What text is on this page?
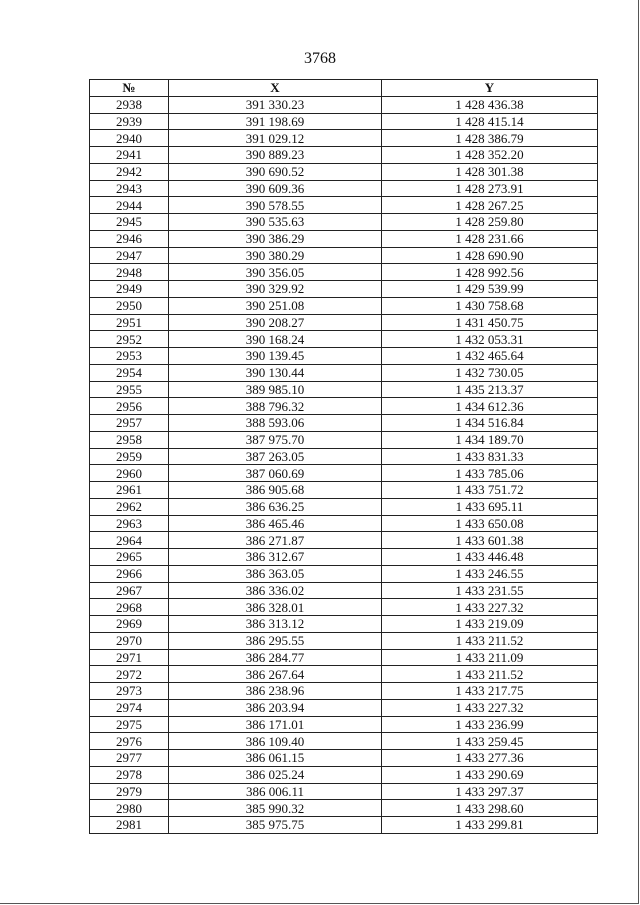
3768
№	X	Y
2938	391 330.23	1 428 436.38
2939	391 198.69	1 428 415.14
2940	391 029.12	1 428 386.79
2941	390 889.23	1 428 352.20
2942	390 690.52	1 428 301.38
2943	390 609.36	1 428 273.91
2944	390 578.55	1 428 267.25
2945	390 535.63	1 428 259.80
2946	390 386.29	1 428 231.66
2947	390 380.29	1 428 690.90
2948	390 356.05	1 428 992.56
2949	390 329.92	1 429 539.99
2950	390 251.08	1 430 758.68
2951	390 208.27	1 431 450.75
2952	390 168.24	1 432 053.31
2953	390 139.45	1 432 465.64
2954	390 130.44	1 432 730.05
2955	389 985.10	1 435 213.37
2956	388 796.32	1 434 612.36
2957	388 593.06	1 434 516.84
2958	387 975.70	1 434 189.70
2959	387 263.05	1 433 831.33
2960	387 060.69	1 433 785.06
2961	386 905.68	1 433 751.72
2962	386 636.25	1 433 695.11
2963	386 465.46	1 433 650.08
2964	386 271.87	1 433 601.38
2965	386 312.67	1 433 446.48
2966	386 363.05	1 433 246.55
2967	386 336.02	1 433 231.55
2968	386 328.01	1 433 227.32
2969	386 313.12	1 433 219.09
2970	386 295.55	1 433 211.52
2971	386 284.77	1 433 211.09
2972	386 267.64	1 433 211.52
2973	386 238.96	1 433 217.75
2974	386 203.94	1 433 227.32
2975	386 171.01	1 433 236.99
2976	386 109.40	1 433 259.45
2977	386 061.15	1 433 277.36
2978	386 025.24	1 433 290.69
2979	386 006.11	1 433 297.37
2980	385 990.32	1 433 298.60
2981	385 975.75	1 433 299.81
